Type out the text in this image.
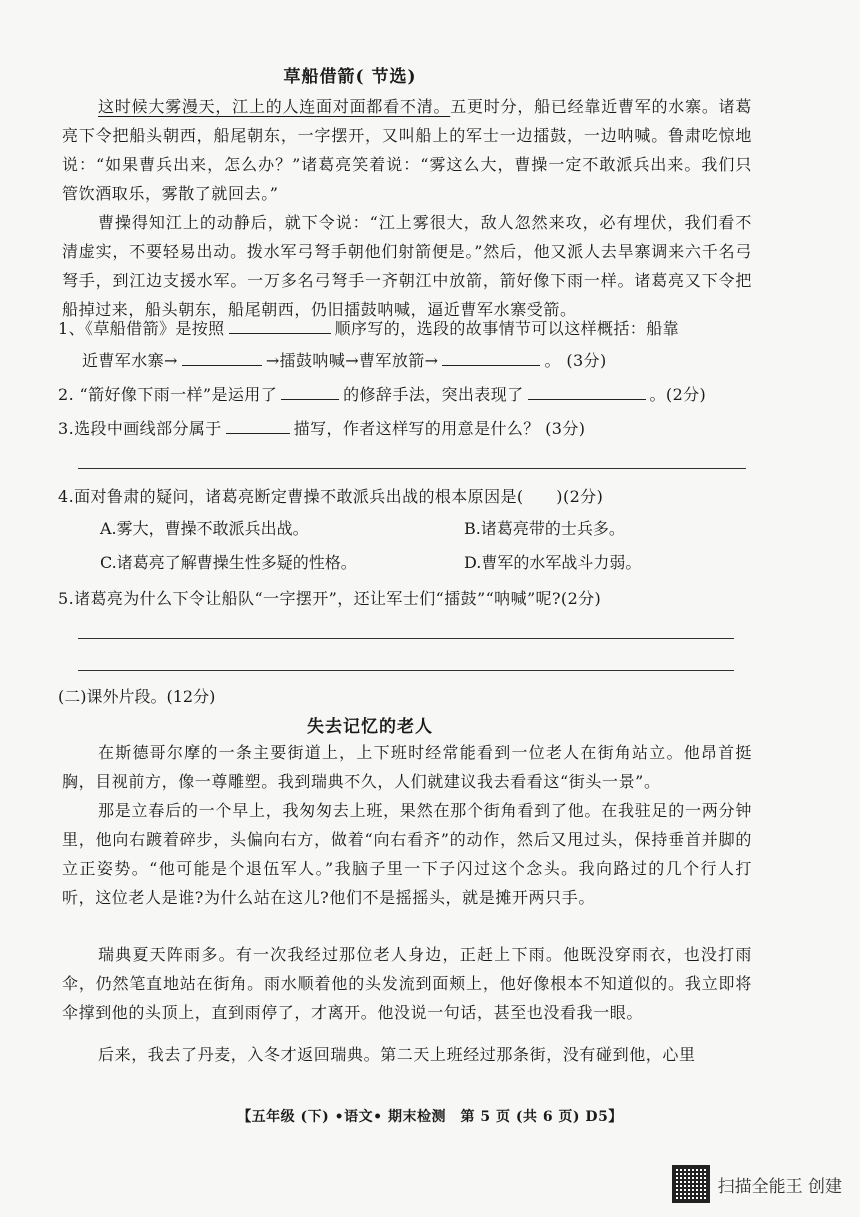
草船借箭( 节选)
这时候大雾漫天，江上的人连面对面都看不清。五更时分，船已经靠近曹军的水寨。诸葛亮下令把船头朝西，船尾朝东，一字摆开，又叫船上的军士一边擂鼓，一边呐喊。鲁肃吃惊地说：“如果曹兵出来，怎么办？”诸葛亮笑着说：“雾这么大，曹操一定不敢派兵出来。我们只管饮酒取乐，雾散了就回去。”
曹操得知江上的动静后，就下令说：“江上雾很大，敌人忽然来攻，必有埋伏，我们看不清虚实，不要轻易出动。拨水军弓弩手朝他们射箭便是。”然后，他又派人去旱寨调来六千名弓弩手，到江边支援水军。一万多名弓弩手一齐朝江中放箭，箭好像下雨一样。诸葛亮又下令把船掉过来，船头朝东，船尾朝西，仍旧擂鼓呐喊，逼近曹军水寨受箭。
1、《草船借箭》是按照	顺序写的，选段的故事情节可以这样概括：船靠
近曹军水寨→	→擂鼓呐喊→曹军放箭→	。 (3分)
2. “箭好像下雨一样”是运用了	的修辞手法，突出表现了	。(2分)
3.选段中画线部分属于	描写，作者这样写的用意是什么？ (3分)
4.面对鲁肃的疑问，诸葛亮断定曹操不敢派兵出战的根本原因是(  )(2分)
A.雾大，曹操不敢派兵出战。	B.诸葛亮带的士兵多。
C.诸葛亮了解曹操生性多疑的性格。	D.曹军的水军战斗力弱。
5.诸葛亮为什么下令让船队“一字摆开”，还让军士们“擂鼓”“呐喊”呢?(2分)
(二)课外片段。(12分)
失去记忆的老人
在斯德哥尔摩的一条主要街道上，上下班时经常能看到一位老人在街角站立。他昂首挺胸，目视前方，像一尊雕塑。我到瑞典不久，人们就建议我去看看这“街头一景”。
那是立春后的一个早上，我匆匆去上班，果然在那个街角看到了他。在我驻足的一两分钟里，他向右踱着碎步，头偏向右方，做着“向右看齐”的动作，然后又甩过头，保持垂首并脚的立正姿势。“他可能是个退伍军人。”我脑子里一下子闪过这个念头。我向路过的几个行人打听，这位老人是谁?为什么站在这儿?他们不是摇摇头，就是摊开两只手。
瑞典夏天阵雨多。有一次我经过那位老人身边，正赶上下雨。他既没穿雨衣，也没打雨伞，仍然笔直地站在街角。雨水顺着他的头发流到面颊上，他好像根本不知道似的。我立即将伞撑到他的头顶上，直到雨停了，才离开。他没说一句话，甚至也没看我一眼。
后来，我去了丹麦，入冬才返回瑞典。第二天上班经过那条街，没有碰到他，心里
【五年级 (下) •语文• 期末检测 第 5 页 (共 6 页) D5】
扫描全能王 创建
